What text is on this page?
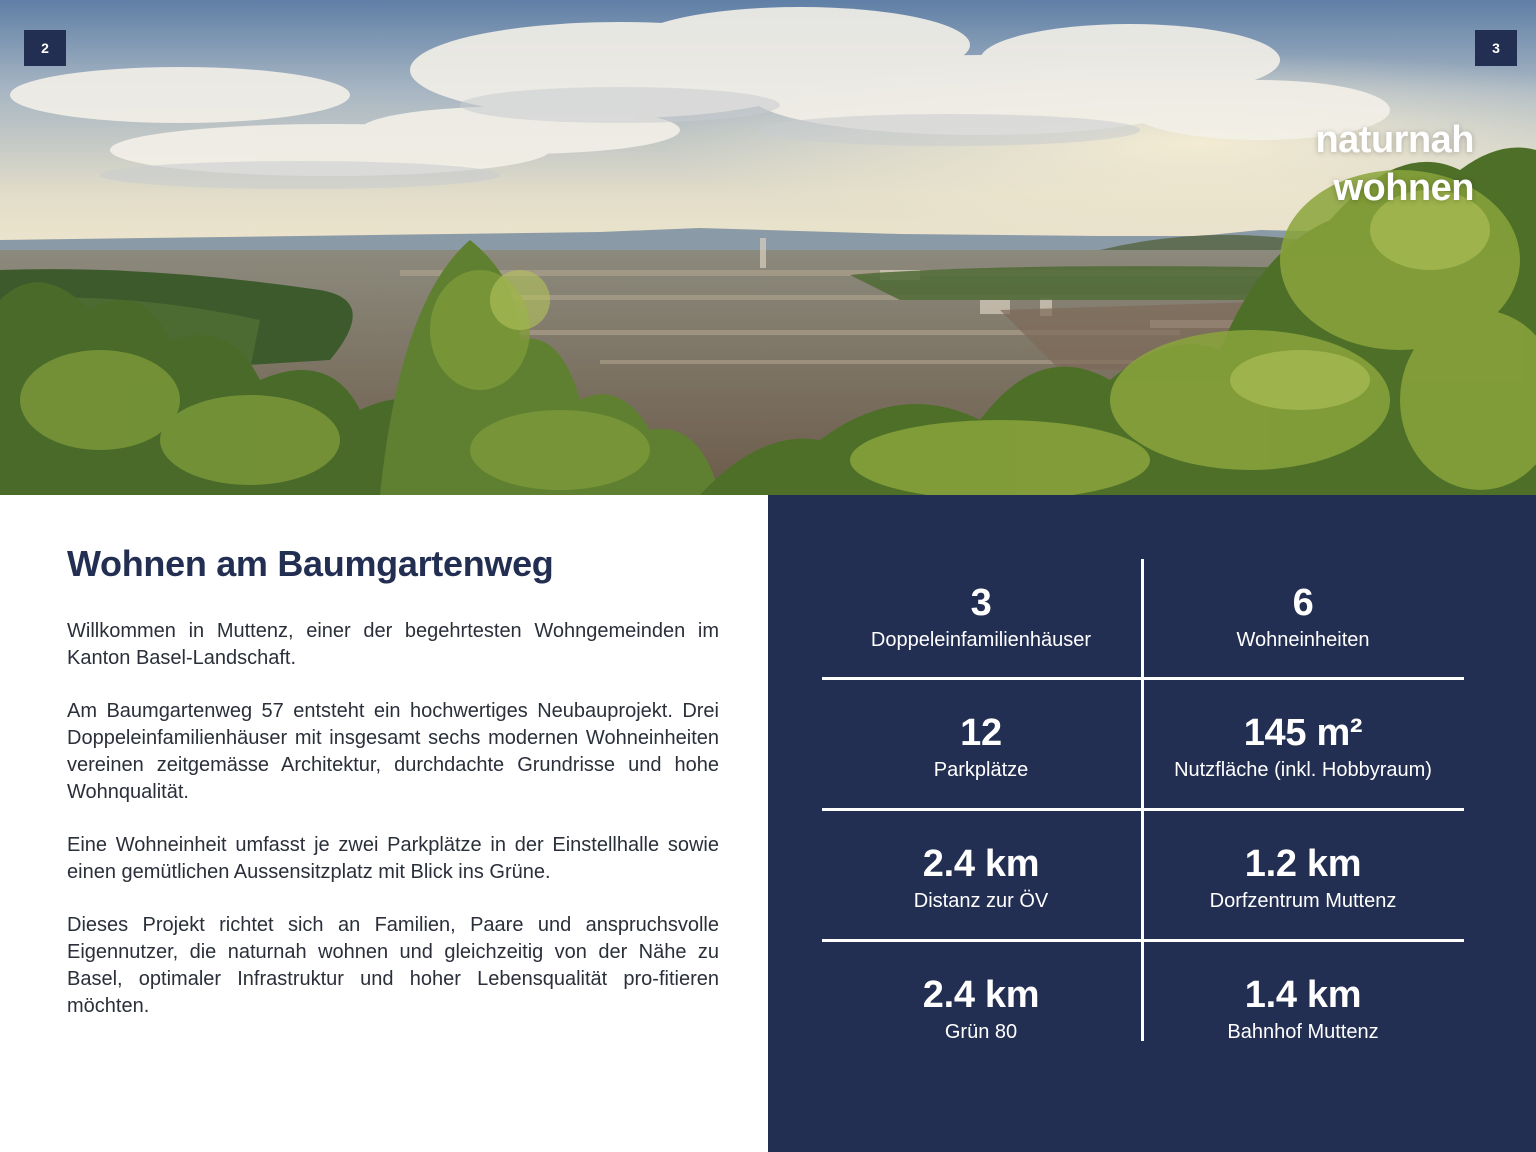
2	3
naturnah
wohnen
Wohnen am Baumgartenweg

Willkommen in Muttenz, einer der begehrtesten Wohngemeinden im Kanton Basel-Landschaft.

Am Baumgartenweg 57 entsteht ein hochwertiges Neubauprojekt. Drei Doppeleinfamilienhäuser mit insgesamt sechs modernen Wohneinheiten vereinen zeitgemässe Architektur, durchdachte Grundrisse und hohe Wohnqualität.

Eine Wohneinheit umfasst je zwei Parkplätze in der Einstellhalle sowie einen gemütlichen Aussensitzplatz mit Blick ins Grüne.

Dieses Projekt richtet sich an Familien, Paare und anspruchsvolle Eigennutzer, die naturnah wohnen und gleichzeitig von der Nähe zu Basel, optimaler Infrastruktur und hoher Lebensqualität pro-fitieren möchten.

3
Doppeleinfamilienhäuser
6
Wohneinheiten
12
Parkplätze
145 m²
Nutzfläche (inkl. Hobbyraum)
2.4 km
Distanz zur ÖV
1.2 km
Dorfzentrum Muttenz
2.4 km
Grün 80
1.4 km
Bahnhof Muttenz
